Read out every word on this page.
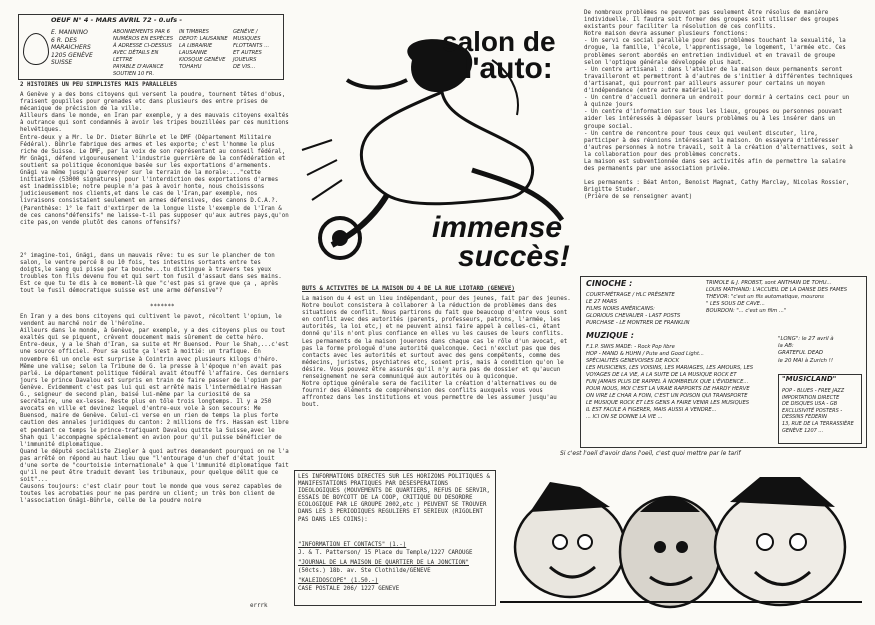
OEUF N° 4 - MARS AVRIL 72 - 0.ufs -
E. MANNINO
6 R. DES MARAICHERS
1205 GENÈVE
SUISSE
ABONNEMENTS PAR 6 NUMÉROS EN ESPÈCES
À ADRESSE CI-DESSUS
AVEC DÉTAILS EN LETTRE
PAYABLE D'AVANCE
SOUTIEN 10 FR.
IN TIMBRES
DEPOT: LAUSANNE
LA LIBRAIRIE
LAUSANNE
KIOSQUE GENÈVE
TOHAHU
GENÈVE / MUSIQUES
FLOTTANTS ...
ET AUTRES
JOUEURS
DE VIS...
2 HISTOIRES UN PEU SIMPLISTES MAIS PARALLELES
A Genève y a des bons citoyens qui versent la poudre, tournent têtes d'obus, fraisent goupilles pour grenades etc dans plusieurs des entre prises de mécanique de précision de la ville.
Ailleurs dans le monde, en Iran par exemple, y a des mauvais citoyens exaltés à outrance qui sont condamnés à avoir les tripes bouzillées par ces munitions helvétiques.
Entre-deux y a Mr. le Dr. Dieter Bührle et le DMF (Département Militaire Fédéral). Bührle fabrique des armes et les exporte; c'est l'homme le plus riche de Suisse. Le DMF, par la voix de son représentant au conseil fédéral, Mr Gnägi, défend vigoureusement l'industrie guerrière de la confédération et soutient sa politique économique basée sur les exportations d'armements. Gnägi va même jusqu'à guerroyer sur le terrain de la morale:..."cette initiative (53000 signatures) pour l'interdiction des exportations d'armes est inadmissible; notre peuple n'a pas à avoir honte, nous choisissons judicieusement nos clients,et dans le cas de l'Iran,par exemple, nos livraisons consistaient seulement en armes défensives, des canons D.C.A.?. (Parenthèse: 1° le fait d'extirper de la longue liste l'exemple de l'Iran & de ces canons"défensifs" me laisse-t-il pas supposer qu'aux autres pays,qu'on cite pas,on vende plutôt des canons offensifs?
2° imagine-toi, Gnägi, dans un mauvais rêve: tu es sur le plancher de ton salon, le ventre percé 8 ou 10 fois, tes intestins sortants entre tes doigts,le sang qui pisse par ta bouche...tu distingue à travers tes yeux troubles ton fils devenu fou et qui sert ton fusil d'assaut dans ses mains. Est ce que tu te dis à ce moment-là que "c'est pas si grave que ça , après tout le fusil démocratique suisse est une arme défensive"?
*******
En Iran y a des bons citoyens qui cultivent le pavot, récoltent l'opium, le vendent au marché noir de l'héroïne.
Ailleurs dans le monde, à Genève, par exemple, y a des citoyens plus ou tout exaltés qui se piquent, crèvent doucement mais sûrement de cette héro.
Entre-deux, y a le Shah d'Iran, sa suite et Mr Buensod. Pour le Shah,...c'est une source officiel. Pour sa suite ça l'est à moitié: un trafique. En novembre 61 un oncle est surprise à Cointrin avec plusieurs kilogs d'héro. Même une valise; selon la Tribune de G. la presse à l'époque n'en avait pas parlé. Le département politique fédéral avait étouffé l'affaire. Ces derniers jours le prince Davalou est surpris en train de faire passer de l'opium par Genève. Evidemment c'est pas lui qui est arrêté mais l'intermédiaire Hassan G., seigneur de second plan, baisé lui-même par la curiosité de sa secrétaire, une ex-lesse. Reste plus en tôle trois longtemps. Il y a 250 avocats en ville et devinez lequel d'entre-eux vole à son secours: Me Buensod, maire de Genève. Celui-ci verse en un rien de temps la plus forte caution des annales juridiques du canton: 2 millions de frs. Hassan est libre et pendant ce temps le prince-trafiquant Davalou quitte la Suisse,avec le Shah qui l'accompagne spécialement en avion pour qu'il puisse bénéficier de l'immunité diplomatique.
Quand le député socialiste Ziegler à quoi autres demandent pourquoi on ne l'a pas arrêté on répond au haut lieu que "l'entourage d'un chef d'état jouit d'une sorte de "courtoisie internationale" à que l'immunité diplomatique fait qu'il ne peut être traduit devant les tribunaux, pour quelque délit que ce soit"...
Causons toujours: c'est clair pour tout le monde que vous serez capables de toutes les acrobaties pour ne pas perdre un client; un très bon client de l'association Gnägi-Bührle, celle de la poudre noire
errrk
salon de
l'auto:
immense
succès!
BUTS & ACTIVITES DE LA MAISON DU 4 DE LA RUE LIOTARD (GENEVE)
La maison du 4 est un lieu indépendant, pour des jeunes, fait par des jeunes.
Notre boulot consistera à collaborer à la réduction de problèmes dans des situations de conflit. Nous partirons du fait que beaucoup d'entre vous sont en conflit avec des autorités (parents, professeurs, patrons, l'armée, les autorités, la loi etc,) et ne peuvent ainsi faire appel à celles-ci, étant donné qu'ils n'ont plus confiance en elles vu les causes de leurs conflits.
Les permanents de la maison jouerons dans chaque cas le rôle d'un avocat, et pas la forme prologué d'une autorité quelconque. Ceci n'exclut pas que des contacts avec les autorités et surtout avec des gens compétents, comme des médecins, juristes, psychiatres etc, soient pris, mais à condition qu'on le désire. Vous pouvez être assurés qu'il n'y aura pas de dossier et qu'aucun renseignement ne sera communiqué aux autorités ou à quiconque.
Notre optique générale sera de faciliter la création d'alternatives ou de fournir des éléments de compréhension des conflits auxquels vous vous affrontez dans les institutions et vous permettre de les assumer jusqu'au bout.
LES INFORMATIONS DIRECTES SUR LES HORIZONS POLITIQUES & MANIFESTATIONS PRATIQUES PAR DESESPERATIONS IDEOLOGIQUES (MOUVEMENTS DE QUARTIERS, REFUS DE SERVIR, ESSAIS DE BOYCOTT DE LA COOP, CRITIQUE DU DESORDRE ECOLOGIQUE PAR LE GROUPE 2002,etc ) PEUVENT SE TROUVER DANS LES 3 PERIODIQUES REGULIERS ET SERIEUX (RIGOLENT PAS DANS LES COINS):
"INFORMATION ET CONTACTS" (1.-)
J. & T. Patterson/ 15 Place du Temple/1227 CAROUGE
"JOURNAL DE LA MAISON DE QUARTIER DE LA JONCTION"
(50cts.) 18b. av. Ste Clothilde/GENEVE
"KALEIDOSCOPE" (1.50.-)
CASE POSTALE 206/ 1227 GENEVE
De nombreux problèmes ne peuvent pas seulement être résolus de manière individuelle. Il faudra soit former des groupes soit utiliser des groupes existants pour faciliter la résolution de ces conflits.
Notre maison devra assumer plusieurs fonctions:
- Un servi ce social parallèle pour des problèmes touchant la sexualité, la drogue, la famille, l'école, l'apprentissage, le logement, l'armée etc. Ces problèmes seront abordés en entretien individuel et en travail de groupe selon l'optique générale développée plus haut.
- Un centre artisanal : dans l'atelier de la maison deux permanents seront travailleront et permettront à d'autres de s'initier à différentes techniques d'artisanat, qui pourront par ailleurs assurer pour certains un moyen d'indépendance (entre autre matérielle).
- Un centre d'accueil donnera un endroit pour dormir à certains ceci pour un à quinze jours
- Un centre d'information sur tous les lieux, groupes ou personnes pouvant aider les intéressés à dépasser leurs problèmes ou à les insérer dans un groupe social.
- Un centre de rencontre pour tous ceux qui veulent discuter, lire, participer à des réunions intéressant la maison. On essayera d'intéresser d'autres personnes à notre travail, soit à la création d'alternatives, soit à la collaboration pour des problèmes concrets.
La maison est subventionnée dans ses activités afin de permettre la salaire des permanents par une association privée.

Les permanents : Béat Anton, Benoist Magnat, Cathy Marclay, Nicolas Rossier, Brigitte Studer.
(Prière de se renseigner avant)
CINOCHE :
COURT-MÉTRAGE / HLC PRÉSENTE
LE 27 MARS
FILMS NOIRS AMÉRICAINS:
GLORIOUS CHEVALIER - LAST POSTS
PURCHASE - LE MONTRER DE FRANKLIN
TRIMOLE & J. PROBST, sont ANTHAIN DE TOHU...
LOUIS MATHAND: L'ACCUEIL DE LA DANSE DES FAMES
THEVOR: "c'est un fils automatique, mourons
" LES SOUS DE CAVE...
BOURDON: "... c'est un film ..."
MUZIQUE :
F.1.P. SWIS MADE: - Rock Pop libre
HOP - MAND & HUHN / Pute and Good Light...
SPÉCIALITÉS GENEVOISES DE ROCK
LES MUSICIENS, LES VOISINS, LES MARIAGES, LES AMOURS, LES
VOYAGES DE LA VIE, A LA SUITE DE LA MUSIQUE ROCK ET
FUN JAMAIS PLUS DE RAPPEL À NOMBREUX QUE L'ÉVIDENCE...
POUR NOUS, MOI C'EST LA VRAIE RAPPORTS DE HARDY HERVE
ON VIRE LE CHAR A FOIN, C'EST UN POISON QUI TRANSPORTE
LE MUSIQUE ROCK ET LES GENS A FAIRE VENIR LES MUSIQUES
IL EST FACILE A FIGERER, MAIS AUSSI A VENDRE...
... ICI ON SE DONNE LA VIE ...
"LONG": le 27 avril à
la AB:
GRATEFUL DEAD
le 20 MAI à Zurich !!
"MUSICLAND"
POP - BLUES - FREE JAZZ
IMPORTATION DIRECTE
DE DISQUES USA - GB
EXCLUSIVITÉ POSTERS -
DESSINS FEDERIN
13, RUE DE LA TERRASSIÈRE
GENÈVE 1207 ...
Si c'est l'oeil d'avoir dans l'oeil, c'est quoi mettre par le tarif
